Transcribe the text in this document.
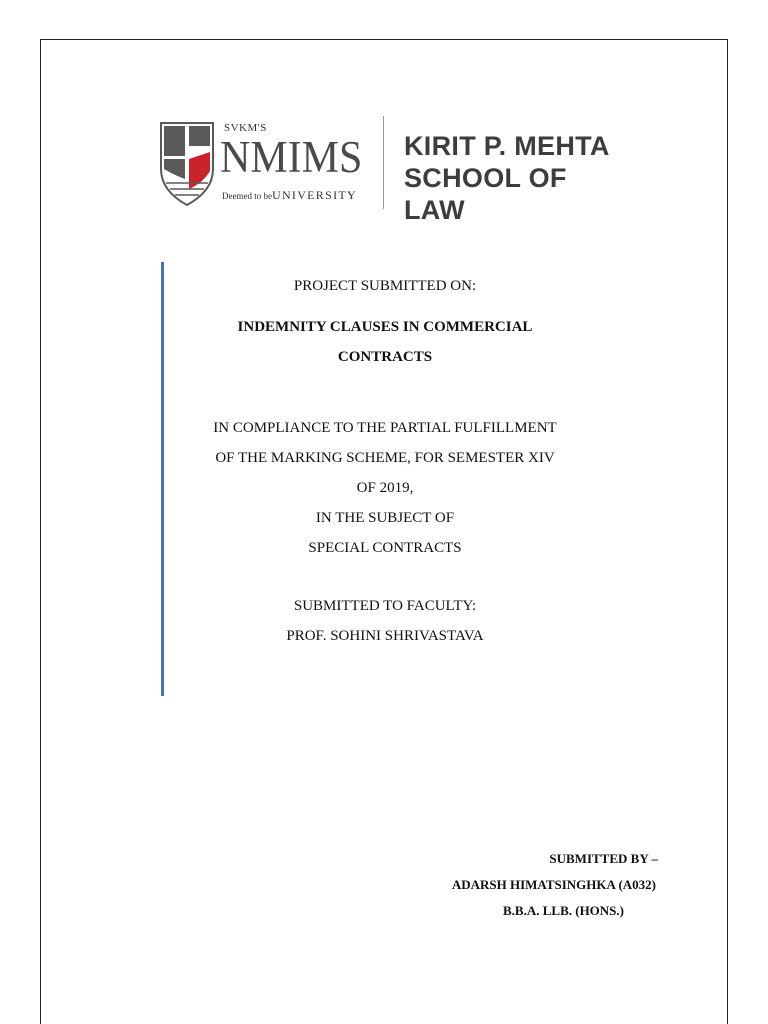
SVKM'S
NMIMS
Deemed to beUNIVERSITY
KIRIT P. MEHTA
SCHOOL OF LAW
PROJECT SUBMITTED ON:
INDEMNITY CLAUSES IN COMMERCIAL
CONTRACTS
IN COMPLIANCE TO THE PARTIAL FULFILLMENT
OF THE MARKING SCHEME, FOR SEMESTER XIV
OF 2019,
IN THE SUBJECT OF
SPECIAL CONTRACTS
SUBMITTED TO FACULTY:
PROF. SOHINI SHRIVASTAVA
SUBMITTED BY –
ADARSH HIMATSINGHKA (A032)
B.B.A. LLB. (HONS.)
